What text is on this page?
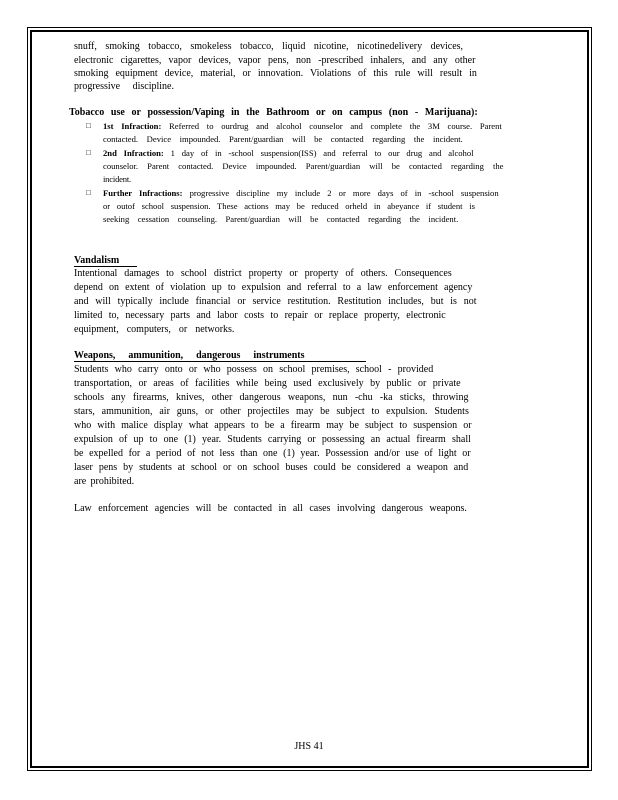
snuff, smoking tobacco, smokeless tobacco, liquid nicotine, nicotinedelivery devices,
electronic cigarettes, vapor devices, vapor pens, non -prescribed inhalers, and any other
smoking equipment device, material, or innovation. Violations of this rule will result in
progressive discipline.
Tobacco use or possession/Vaping in the Bathroom or on campus (non - Marijuana):
□ 1st Infraction: Referred to ourdrug and alcohol counselor and complete the 3M course. Parent
contacted. Device impounded. Parent/guardian will be contacted regarding the incident.
□ 2nd Infraction: 1 day of in -school suspension(ISS) and referral to our drug and alcohol
counselor. Parent contacted. Device impounded. Parent/guardian will be contacted regarding the
incident.
□ Further Infractions: progressive discipline my include 2 or more days of in -school suspension
or outof school suspension. These actions may be reduced orheld in abeyance if student is
seeking cessation counseling. Parent/guardian will be contacted regarding the incident.
Vandalism
Intentional damages to school district property or property of others. Consequences
depend on extent of violation up to expulsion and referral to a law enforcement agency
and will typically include financial or service restitution. Restitution includes, but is not
limited to, necessary parts and labor costs to repair or replace property, electronic
equipment, computers, or networks.
Weapons, ammunition, dangerous instruments
Students who carry onto or who possess on school premises, school - provided
transportation, or areas of facilities while being used exclusively by public or private
schools any firearms, knives, other dangerous weapons, nun -chu -ka sticks, throwing
stars, ammunition, air guns, or other projectiles may be subject to expulsion. Students
who with malice display what appears to be a firearm may be subject to suspension or
expulsion of up to one (1) year. Students carrying or possessing an actual firearm shall
be expelled for a period of not less than one (1) year. Possession and/or use of light or
laser pens by students at school or on school buses could be considered a weapon and
are prohibited.
Law enforcement agencies will be contacted in all cases involving dangerous weapons.
JHS 41
